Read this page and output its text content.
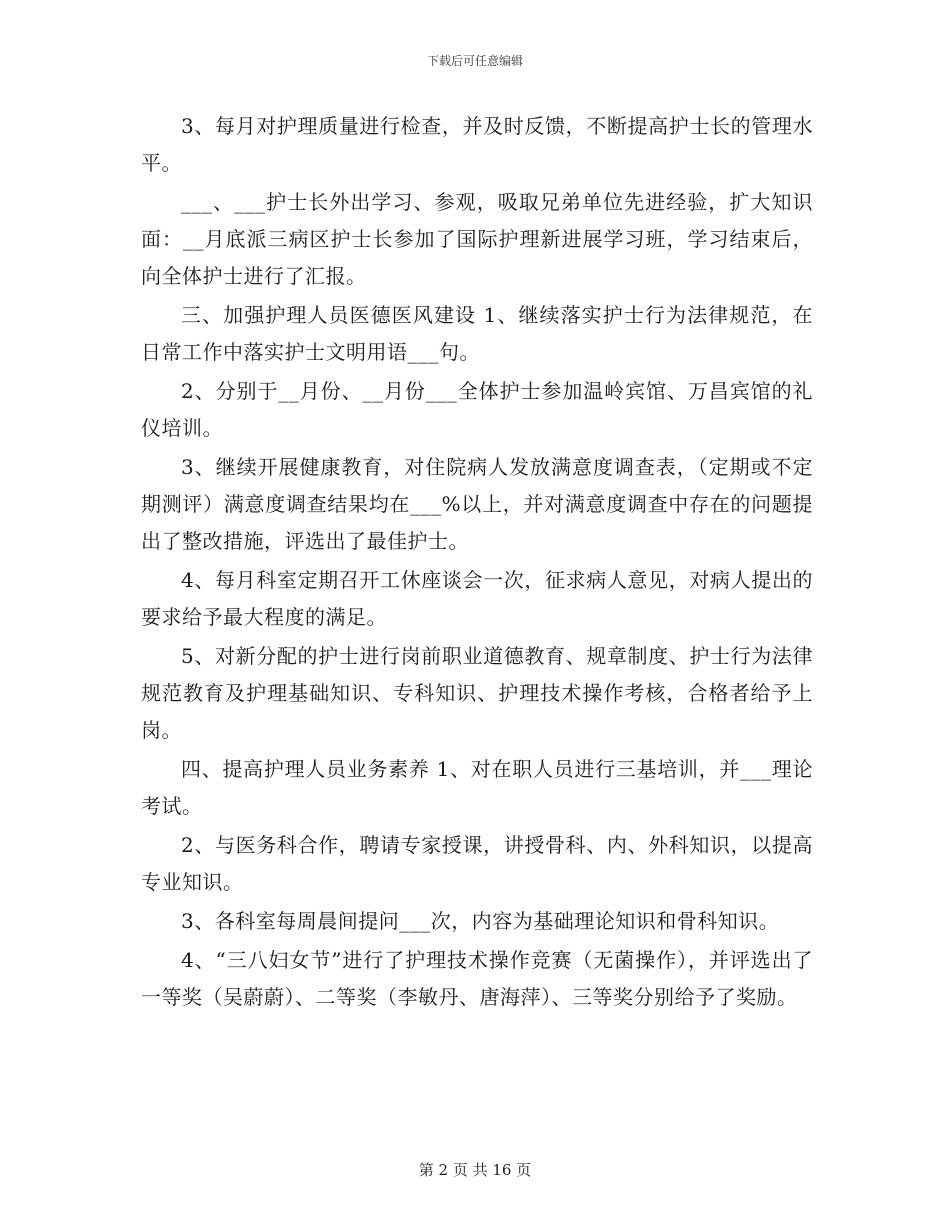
下载后可任意编辑

3、每月对护理质量进行检查，并及时反馈，不断提高护士长的管理水平。

___、___护士长外出学习、参观，吸取兄弟单位先进经验，扩大知识面：__月底派三病区护士长参加了国际护理新进展学习班，学习结束后，向全体护士进行了汇报。

三、加强护理人员医德医风建设 1、继续落实护士行为法律规范，在日常工作中落实护士文明用语___句。

2、分别于__月份、__月份___全体护士参加温岭宾馆、万昌宾馆的礼仪培训。

3、继续开展健康教育，对住院病人发放满意度调查表，（定期或不定期测评）满意度调查结果均在___%以上，并对满意度调查中存在的问题提出了整改措施，评选出了最佳护士。

4、每月科室定期召开工休座谈会一次，征求病人意见，对病人提出的要求给予最大程度的满足。

5、对新分配的护士进行岗前职业道德教育、规章制度、护士行为法律规范教育及护理基础知识、专科知识、护理技术操作考核，合格者给予上岗。

四、提高护理人员业务素养 1、对在职人员进行三基培训，并___理论考试。

2、与医务科合作，聘请专家授课，讲授骨科、内、外科知识，以提高专业知识。

3、各科室每周晨间提问___次，内容为基础理论知识和骨科知识。

4、“三八妇女节”进行了护理技术操作竞赛（无菌操作），并评选出了一等奖（吴蔚蔚）、二等奖（李敏丹、唐海萍）、三等奖分别给予了奖励。

第 2 页 共 16 页
